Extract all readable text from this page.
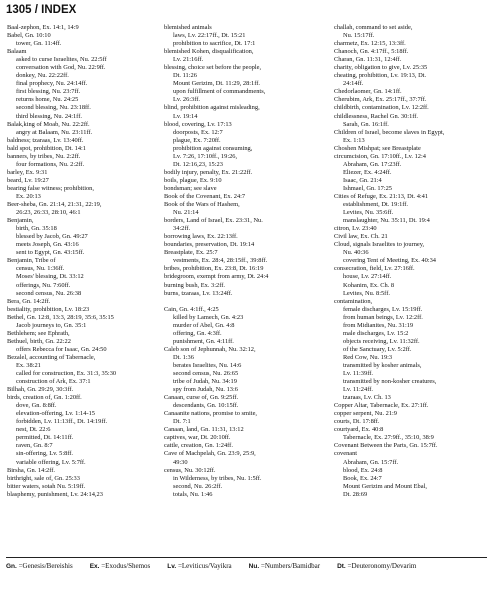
1305 / INDEX
Baal-zephon, Ex. 14:1, 14:9
Babel, Gn. 10:10
tower, Gn. 11:4ff.
Balaam
asked to curse Israelites, Nu. 22:5ff
conversation with God, Nu. 22:9ff.
donkey, Nu. 22:22ff.
final prophecy, Nu. 24:14ff.
first blessing, Nu. 23:7ff.
returns home, Nu. 24:25
second blessing, Nu. 23:18ff.
third blessing, Nu. 24:1ff.
Balak,king of Moab, Nu. 22:2ff.
angry at Balaam, Nu. 23:11ff.
baldness; tzaraas, Lv. 13:40ff.
bald spot, prohibition, Dt. 14:1
banners, by tribes, Nu. 2:2ff.
four formations, Nu. 2:2ff.
barley, Ex. 9:31
beard, Lv. 19:27
bearing false witness; prohibition,
Ex. 20:13
Beer-sheba, Gn. 21:14, 21:31, 22:19,
26:23, 26:33, 28:10, 46:1
Benjamin,
birth, Gn. 35:18
blessed by Jacob, Gn. 49:27
meets Joseph, Gn. 43:16
sent to Egypt, Gn. 43:15ff.
Benjamin, Tribe of
census, Nu. 1:36ff.
Moses' blessing, Dt. 33:12
offerings, Nu. 7:60ff.
second census, Nu. 26:38
Bera, Gn. 14:2ff.
bestiality, prohibition, Lv. 18:23
Bethel, Gn. 12:8, 13:3, 28:19, 35:6, 35:15
Jacob journeys to, Gn. 35:1
Bethlehem; see Ephrath,
Bethuel, birth, Gn. 22:22
offers Rebecca for Isaac, Gn. 24:50
Bezalel, accounting of Tabernacle,
Ex. 38:21
called for construction, Ex. 31:3, 35:30
construction of Ark, Ex. 37:1
Bilhah, Gn. 29:29, 30:3ff.
birds, creation of, Gn. 1:20ff.
dove, Gn. 8:8ff.
elevation-offering, Lv. 1:14-15
forbidden, Lv. 11:13ff., Dt. 14:19ff.
nest, Dt. 22:6
permitted, Dt. 14:11ff.
raven, Gn. 8:7
sin-offering, Lv. 5:8ff.
variable offering, Lv. 5:7ff.
Birsha, Gn. 14:2ff.
birthright, sale of, Gn. 25:33
bitter waters, sotah Nu. 5:19ff.
blasphemy, punishment, Lv. 24:14,23
blemished animals
laws, Lv. 22:17ff., Dt. 15:21
prohibition to sacrifice, Dt. 17:1
blemished Kohen, disqualification,
Lv. 21:16ff.
blessing, choice set before the people,
Dt. 11:26
Mount Gerizim, Dt. 11:29, 28:1ff.
upon fulfillment of commandments,
Lv. 26:3ff.
blind, prohibition against misleading,
Lv. 19:14
blood, covering, Lv. 17:13
doorposts, Ex. 12:7
plague, Ex. 7:20ff.
prohibition against consuming,
Lv. 7:26, 17:10ff., 19:26,
Dt. 12:16,23, 15:23
bodily injury, penalty, Ex. 21:22ff.
boils, plague, Ex. 9:10
bondsman; see slave
Book of the Covenant, Ex. 24:7
Book of the Wars of Hashem,
Nu. 21:14
borders, Land of Israel, Ex. 23:31, Nu.
34:2ff.
borrowing laws, Ex. 22:13ff.
boundaries, preservation, Dt. 19:14
Breastplate, Ex. 25:7
vestments, Ex. 28:4, 28:15ff., 39:8ff.
bribes, prohibition, Ex. 23:8, Dt. 16:19
bridegroom, exempt from army, Dt. 24:4
burning bush, Ex. 3:2ff.
burns, tzaraas, Lv. 13:24ff.

Cain, Gn. 4:1ff., 4:25
killed by Lamech, Gn. 4:23
murder of Abel, Gn. 4:8
offering, Gn. 4:3ff.
punishment, Gn. 4:11ff.
Caleb son of Jephunnah, Nu. 32:12,
Dt. 1:36
berates Israelites, Nu. 14:6
second census, Nu. 26:65
tribe of Judah, Nu. 34:19
spy from Judah, Nu. 13:6
Canaan, curse of, Gn. 9:25ff.
descendants, Gn. 10:15ff.
Canaanite nations, promise to smite,
Dt. 7:1
Canaan, land, Gn. 11:31, 13:12
captives, war, Dt. 20:10ff.
cattle, creation, Gn. 1:24ff.
Cave of Machpelah, Gn. 23:9, 25:9,
49:30
census, Nu. 30:12ff.
in Wilderness, by tribes, Nu. 1:5ff.
second, Nu. 26:2ff.
totals, Nu. 1:46
challah, command to set aside,
Nu. 15:17ff.
charmetz, Ex. 12:15, 13:3ff.
Chanoch, Gn. 4:17ff., 5:18ff.
Charan, Gn. 11:31, 12:4ff.
charity, obligation to give, Lv. 25:35
cheating, prohibition, Lv. 19:13, Dt.
24:14ff.
Chedorlaomer, Gn. 14:1ff.
Cherubim, Ark, Ex. 25:17ff., 37:7ff.
childbirth, contamination, Lv. 12:2ff.
childlessness, Rachel Gn. 30:1ff.
Sarah, Gn. 16:1ff.
Children of Israel, become slaves in Egypt,
Ex. 1:13
Choshen Mishpat; see Breastplate
circumcision, Gn. 17:10ff., Lv. 12:4
Abraham, Gn. 17:23ff.
Eliezer, Ex. 4:24ff.
Isaac, Gn. 21:4
Ishmael, Gn. 17:25
Cities of Refuge, Ex. 21:13, Dt. 4:41
establishment, Dt. 19:1ff.
Levites, Nu. 35:6ff.
manslaughter, Nu. 35:11, Dt. 19:4
citron, Lv. 23:40
Civil law, Ex. Ch. 21
Cloud, signals Israelites to journey,
Nu. 40:36
covering Tent of Meeting, Ex. 40:34
consecration, field, Lv. 27:16ff.
house, Lv. 27:14ff.
Kohanim, Ex. Ch. 8
Levites, Nu. 8:5ff.
contamination,
female discharges, Lv. 15:19ff.
from human beings, Lv. 12:2ff.
from Midianites, Nu. 31:19
male discharges, Lv. 15:2
objects receiving, Lv. 11:32ff.
of the Sanctuary, Lv. 5:2ff.
Red Cow, Nu. 19:3
transmitted by kosher animals,
Lv. 11:39ff.
transmitted by non-kosher creatures,
Lv. 11:24ff.
tzaraas, Lv. Ch. 13
Copper Altar, Tabernacle, Ex. 27:1ff.
copper serpent, Nu. 21:9
courts, Dt. 17:8ff.
courtyard, Ex. 40:8
Tabernacle, Ex. 27:9ff., 35:10, 38:9
Covenant Between the Parts, Gn. 15:7ff.
covenant
Abraham, Gn. 15:7ff.
blood, Ex. 24:8
Book, Ex. 24:7
Mount Gerizim and Mount Ebal,
Dt. 28:69
Gn. =Genesis/Bereishis	Ex. =Exodus/Shemos	Lv. =Leviticus/Vayikra	Nu. =Numbers/Bamidbar	Dt. =Deuteronomy/Devarim
